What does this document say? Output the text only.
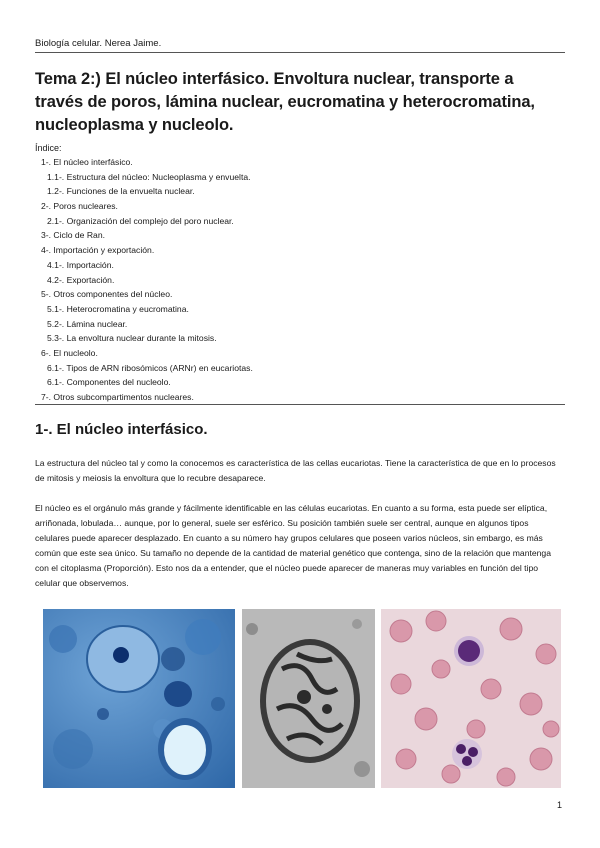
Biología celular. Nerea Jaime.
Tema 2:) El núcleo interfásico. Envoltura nuclear, transporte a través de poros, lámina nuclear, eucromatina y heterocromatina, nucleoplasma y nucleolo.
Índice:
1-. El núcleo interfásico.
1.1-. Estructura del núcleo: Nucleoplasma y envuelta.
1.2-. Funciones de la envuelta nuclear.
2-. Poros nucleares.
2.1-. Organización del complejo del poro nuclear.
3-. Ciclo de Ran.
4-. Importación y exportación.
4.1-. Importación.
4.2-. Exportación.
5-. Otros componentes del núcleo.
5.1-. Heterocromatina y eucromatina.
5.2-. Lámina nuclear.
5.3-. La envoltura nuclear durante la mitosis.
6-. El nucleolo.
6.1-. Tipos de ARN ribosómicos (ARNr) en eucariotas.
6.1-. Componentes del nucleolo.
7-. Otros subcompartimentos nucleares.
1-. El núcleo interfásico.

La estructura del núcleo tal y como la conocemos es característica de las cellas eucariotas. Tiene la característica de que en lo procesos de mitosis y meiosis la envoltura que lo recubre desaparece.

El núcleo es el orgánulo más grande y fácilmente identificable en las células eucariotas. En cuanto a su forma, esta puede ser elíptica, arriñonada, lobulada… aunque, por lo general, suele ser esférico. Su posición también suele ser central, aunque en algunos tipos celulares puede aparecer desplazado. En cuanto a su número hay grupos celulares que poseen varios núcleos, sin embargo, es más común que este sea único. Su tamaño no depende de la cantidad de material genético que contenga, sino de la relación que mantenga con el citoplasma (Proporción). Esto nos da a entender, que el núcleo puede aparecer de maneras muy variables en función del tipo celular que observemos.

1
